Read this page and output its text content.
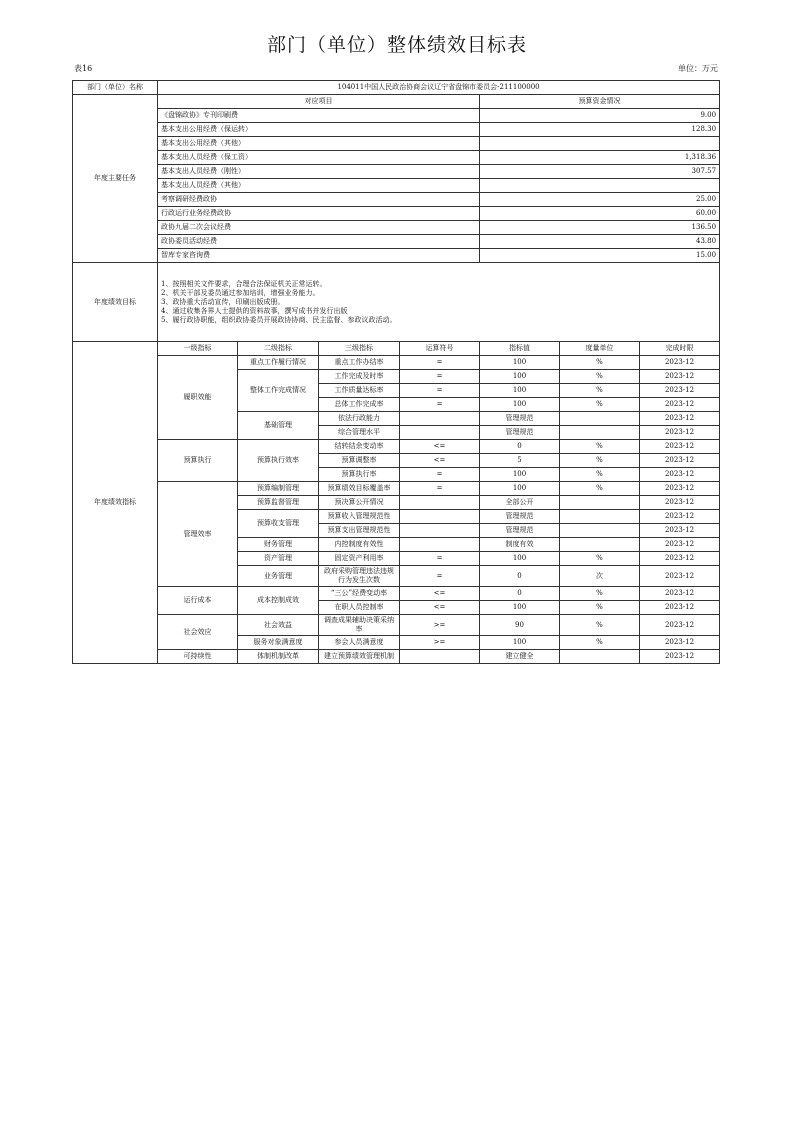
部门（单位）整体绩效目标表
表16	单位：万元
部门（单位）名称	104011中国人民政治协商会议辽宁省盘锦市委员会-211100000						
年度主要任务	对应项目				预算资金情况		
	《盘锦政协》专刊印刷费				9.00		
	基本支出公用经费（保运转）				128.30		
	基本支出公用经费（其他）						
	基本支出人员经费（保工资）				1,318.36		
	基本支出人员经费（刚性）				307.57		
	基本支出人员经费（其他）						
	考察调研经费政协				25.00		
	行政运行业务经费政协				60.00		
	政协九届二次会议经费				136.50		
	政协委员活动经费				43.80		
	智库专家咨询费				15.00		
年度绩效目标	1、按照相关文件要求，合理合法保证机关正常运转。
2、机关干部及委员通过参加培训，增强业务能力。
3、政协重大活动宣传，印刷出版成册。
4、通过收集各界人士提供的资料故事，撰写成书并发行出版
5、履行政协职能，组织政协委员开展政协协商、民主监督、参政议政活动。						

年度绩效指标	一级指标	二级指标	三级指标	运算符号	指标值	度量单位	完成时限
	履职效能	重点工作履行情况	重点工作办结率	=	100	%	2023-12
		整体工作完成情况	工作完成及时率	=	100	%	2023-12
			工作质量达标率	=	100	%	2023-12
			总体工作完成率	=	100	%	2023-12
		基础管理	依法行政能力		管理规范		2023-12
			综合管理水平		管理规范		2023-12
	预算执行	预算执行效率	结转结余变动率	<=	0	%	2023-12
			预算调整率	<=	5	%	2023-12
			预算执行率	=	100	%	2023-12
	管理效率	预算编制管理	预算绩效目标覆盖率	=	100	%	2023-12
		预算监督管理	预决算公开情况		全部公开		2023-12
		预算收支管理	预算收入管理规范性		管理规范		2023-12
			预算支出管理规范性		管理规范		2023-12
		财务管理	内控制度有效性		制度有效		2023-12
		资产管理	固定资产利用率	=	100	%	2023-12
		业务管理	政府采购管理违法违规行为发生次数	=	0	次	2023-12
	运行成本	成本控制成效	“三公”经费变动率	<=	0	%	2023-12
			在职人员控制率	<=	100	%	2023-12
	社会效应	社会效益	调查成果辅助决策采纳率	>=	90	%	2023-12
		服务对象满意度	参会人员满意度	>=	100	%	2023-12
	可持续性	体制机制改革	建立预算绩效管理机制		建立健全		2023-12
